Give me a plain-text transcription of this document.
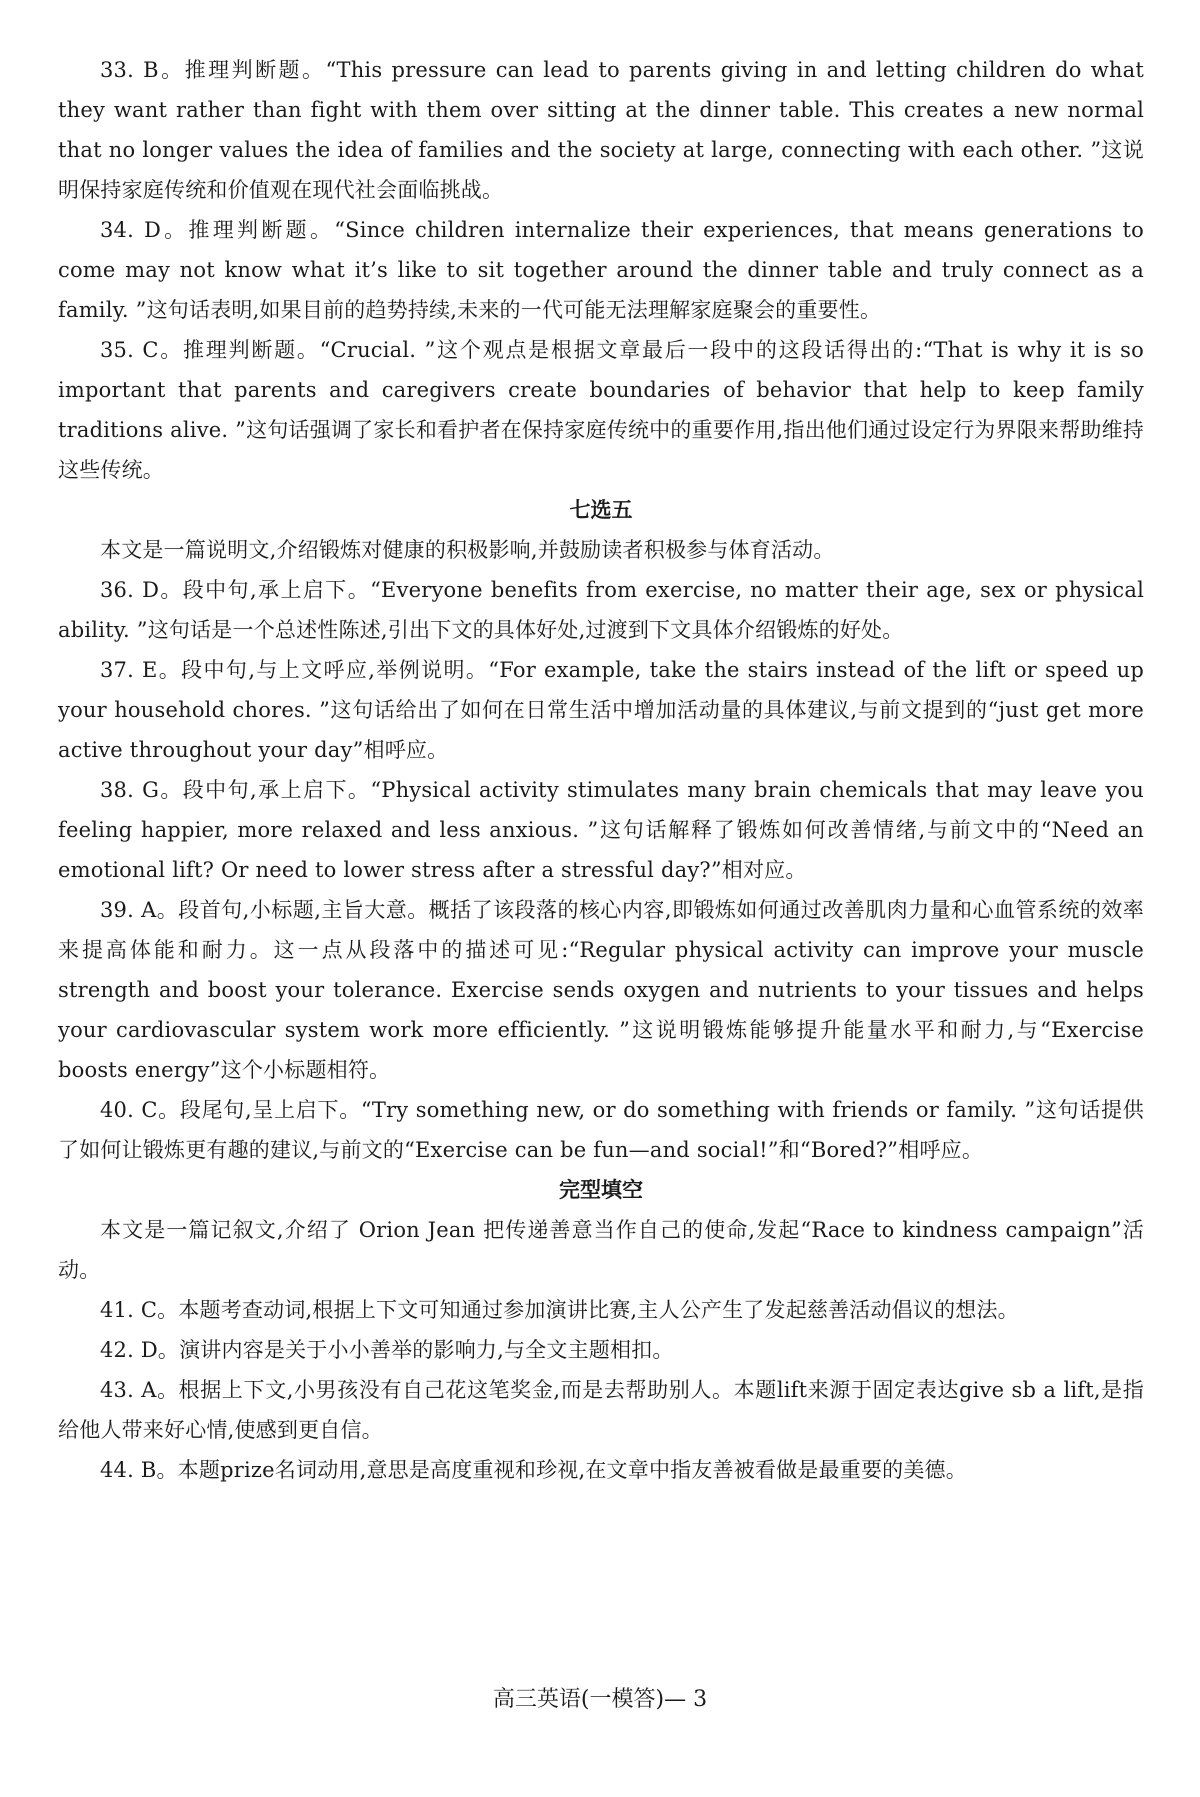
33. B。推理判断题。“This pressure can lead to parents giving in and letting children do what they want rather than fight with them over sitting at the dinner table. This creates a new normal that no longer values the idea of families and the society at large, connecting with each other. ”这说明保持家庭传统和价值观在现代社会面临挑战。

34. D。推理判断题。“Since children internalize their experiences, that means generations to come may not know what it’s like to sit together around the dinner table and truly connect as a family. ”这句话表明,如果目前的趋势持续,未来的一代可能无法理解家庭聚会的重要性。

35. C。推理判断题。“Crucial. ”这个观点是根据文章最后一段中的这段话得出的:“That is why it is so important that parents and caregivers create boundaries of behavior that help to keep family traditions alive. ”这句话强调了家长和看护者在保持家庭传统中的重要作用,指出他们通过设定行为界限来帮助维持这些传统。

七选五

本文是一篇说明文,介绍锻炼对健康的积极影响,并鼓励读者积极参与体育活动。

36. D。段中句,承上启下。“Everyone benefits from exercise, no matter their age, sex or physical ability. ”这句话是一个总述性陈述,引出下文的具体好处,过渡到下文具体介绍锻炼的好处。

37. E。段中句,与上文呼应,举例说明。“For example, take the stairs instead of the lift or speed up your household chores. ”这句话给出了如何在日常生活中增加活动量的具体建议,与前文提到的“just get more active throughout your day”相呼应。

38. G。段中句,承上启下。“Physical activity stimulates many brain chemicals that may leave you feeling happier, more relaxed and less anxious. ”这句话解释了锻炼如何改善情绪,与前文中的“Need an emotional lift? Or need to lower stress after a stressful day?”相对应。

39. A。段首句,小标题,主旨大意。概括了该段落的核心内容,即锻炼如何通过改善肌肉力量和心血管系统的效率来提高体能和耐力。这一点从段落中的描述可见:“Regular physical activity can improve your muscle strength and boost your tolerance. Exercise sends oxygen and nutrients to your tissues and helps your cardiovascular system work more efficiently. ”这说明锻炼能够提升能量水平和耐力,与“Exercise boosts energy”这个小标题相符。

40. C。段尾句,呈上启下。“Try something new, or do something with friends or family. ”这句话提供了如何让锻炼更有趣的建议,与前文的“Exercise can be fun—and social!”和“Bored?”相呼应。

完型填空

本文是一篇记叙文,介绍了 Orion Jean 把传递善意当作自己的使命,发起“Race to kindness campaign”活动。

41. C。本题考查动词,根据上下文可知通过参加演讲比赛,主人公产生了发起慈善活动倡议的想法。

42. D。演讲内容是关于小小善举的影响力,与全文主题相扣。

43. A。根据上下文,小男孩没有自己花这笔奖金,而是去帮助别人。本题lift来源于固定表达give sb a lift,是指给他人带来好心情,使感到更自信。

44. B。本题prize名词动用,意思是高度重视和珍视,在文章中指友善被看做是最重要的美德。

高三英语(一模答)— 3
